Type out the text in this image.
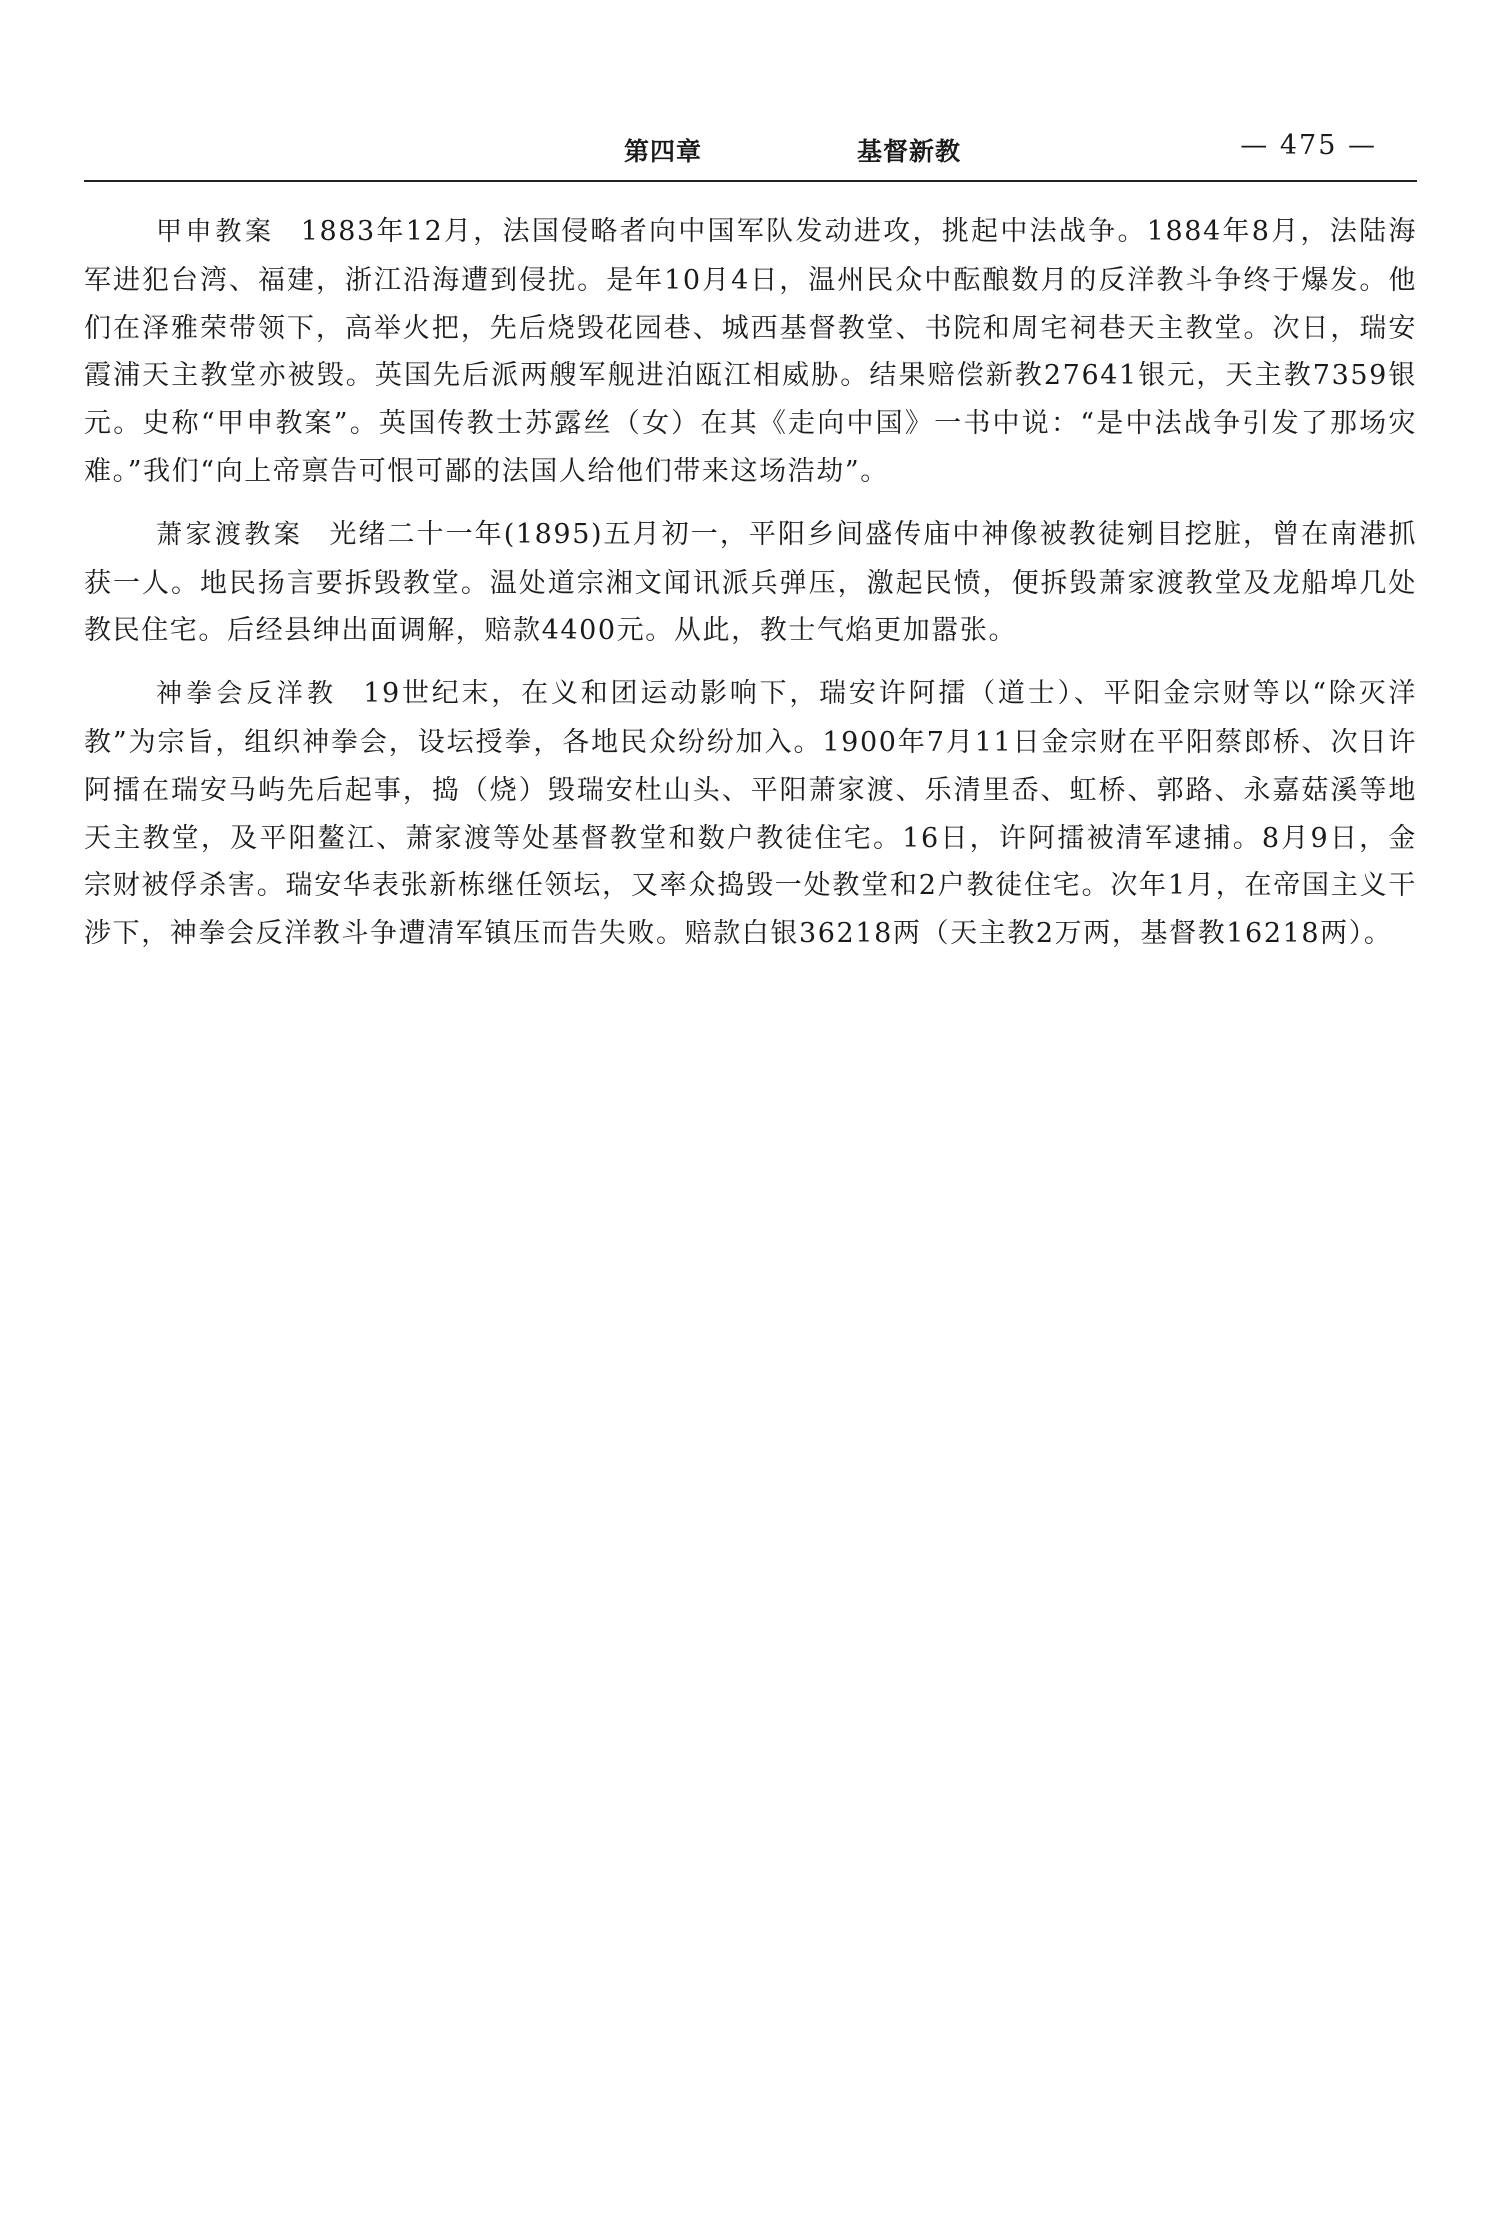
第四章	基督新教	— 475 —

甲申教案 1883年12月，法国侵略者向中国军队发动进攻，挑起中法战争。1884年8月，法陆海军进犯台湾、福建，浙江沿海遭到侵扰。是年10月4日，温州民众中酝酿数月的反洋教斗争终于爆发。他们在泽雅荣带领下，高举火把，先后烧毁花园巷、城西基督教堂、书院和周宅祠巷天主教堂。次日，瑞安霞浦天主教堂亦被毁。英国先后派两艘军舰进泊瓯江相威胁。结果赔偿新教27641银元，天主教7359银元。史称“甲申教案”。英国传教士苏露丝（女）在其《走向中国》一书中说：“是中法战争引发了那场灾难。”我们“向上帝禀告可恨可鄙的法国人给他们带来这场浩劫”。

萧家渡教案 光绪二十一年(1895)五月初一，平阳乡间盛传庙中神像被教徒剜目挖脏，曾在南港抓获一人。地民扬言要拆毁教堂。温处道宗湘文闻讯派兵弹压，激起民愤，便拆毁萧家渡教堂及龙船埠几处教民住宅。后经县绅出面调解，赔款4400元。从此，教士气焰更加嚣张。

神拳会反洋教 19世纪末，在义和团运动影响下，瑞安许阿擂（道士）、平阳金宗财等以“除灭洋教”为宗旨，组织神拳会，设坛授拳，各地民众纷纷加入。1900年7月11日金宗财在平阳蔡郎桥、次日许阿擂在瑞安马屿先后起事，捣（烧）毁瑞安杜山头、平阳萧家渡、乐清里岙、虹桥、郭路、永嘉菇溪等地天主教堂，及平阳鳌江、萧家渡等处基督教堂和数户教徒住宅。16日，许阿擂被清军逮捕。8月9日，金宗财被俘杀害。瑞安华表张新栋继任领坛，又率众捣毁一处教堂和2户教徒住宅。次年1月，在帝国主义干涉下，神拳会反洋教斗争遭清军镇压而告失败。赔款白银36218两（天主教2万两，基督教16218两）。
